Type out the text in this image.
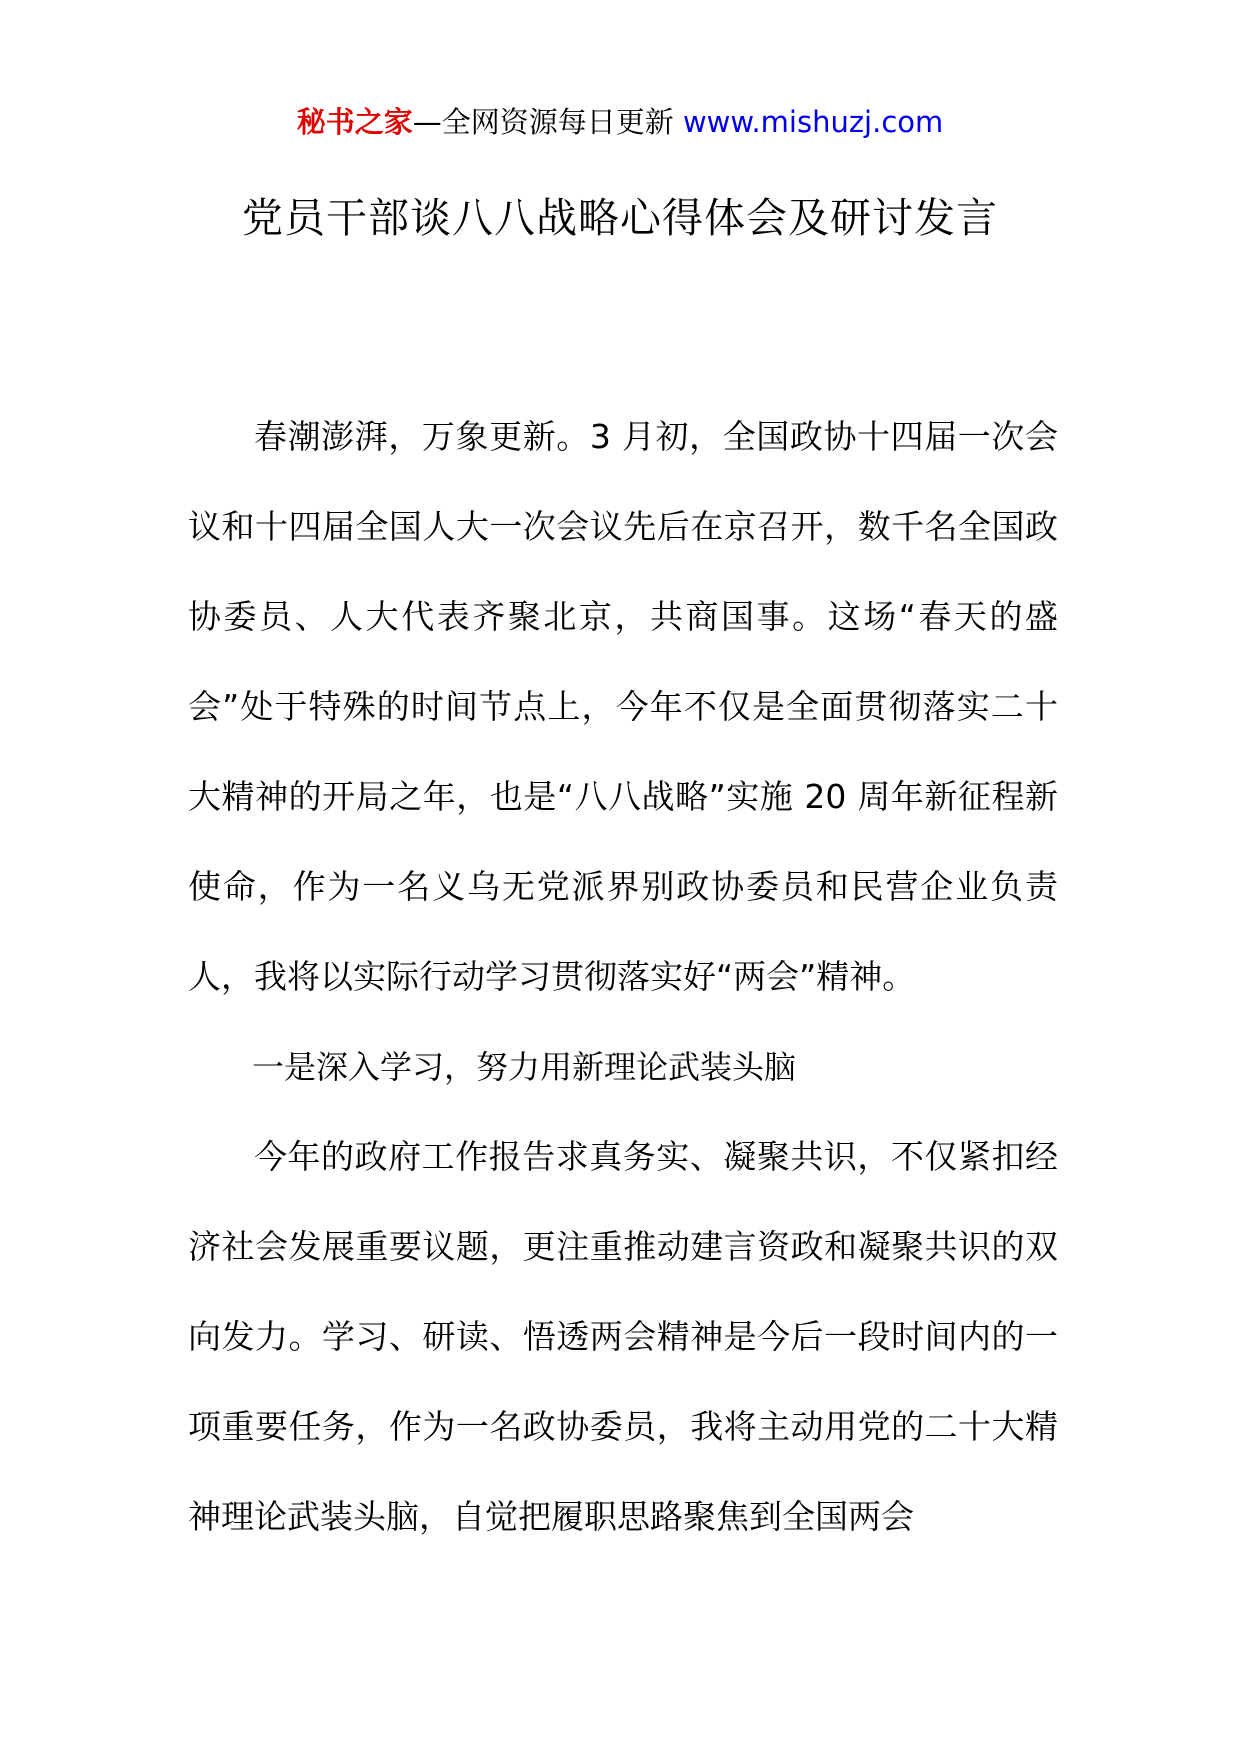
秘书之家—全网资源每日更新 www.mishuzj.com
党员干部谈八八战略心得体会及研讨发言

春潮澎湃，万象更新。3 月初，全国政协十四届一次会议和十四届全国人大一次会议先后在京召开，数千名全国政协委员、人大代表齐聚北京，共商国事。这场“春天的盛会”处于特殊的时间节点上，今年不仅是全面贯彻落实二十大精神的开局之年，也是“八八战略”实施 20 周年新征程新使命，作为一名义乌无党派界别政协委员和民营企业负责人，我将以实际行动学习贯彻落实好“两会”精神。

一是深入学习，努力用新理论武装头脑

今年的政府工作报告求真务实、凝聚共识，不仅紧扣经济社会发展重要议题，更注重推动建言资政和凝聚共识的双向发力。学习、研读、悟透两会精神是今后一段时间内的一项重要任务，作为一名政协委员，我将主动用党的二十大精神理论武装头脑，自觉把履职思路聚焦到全国两会
